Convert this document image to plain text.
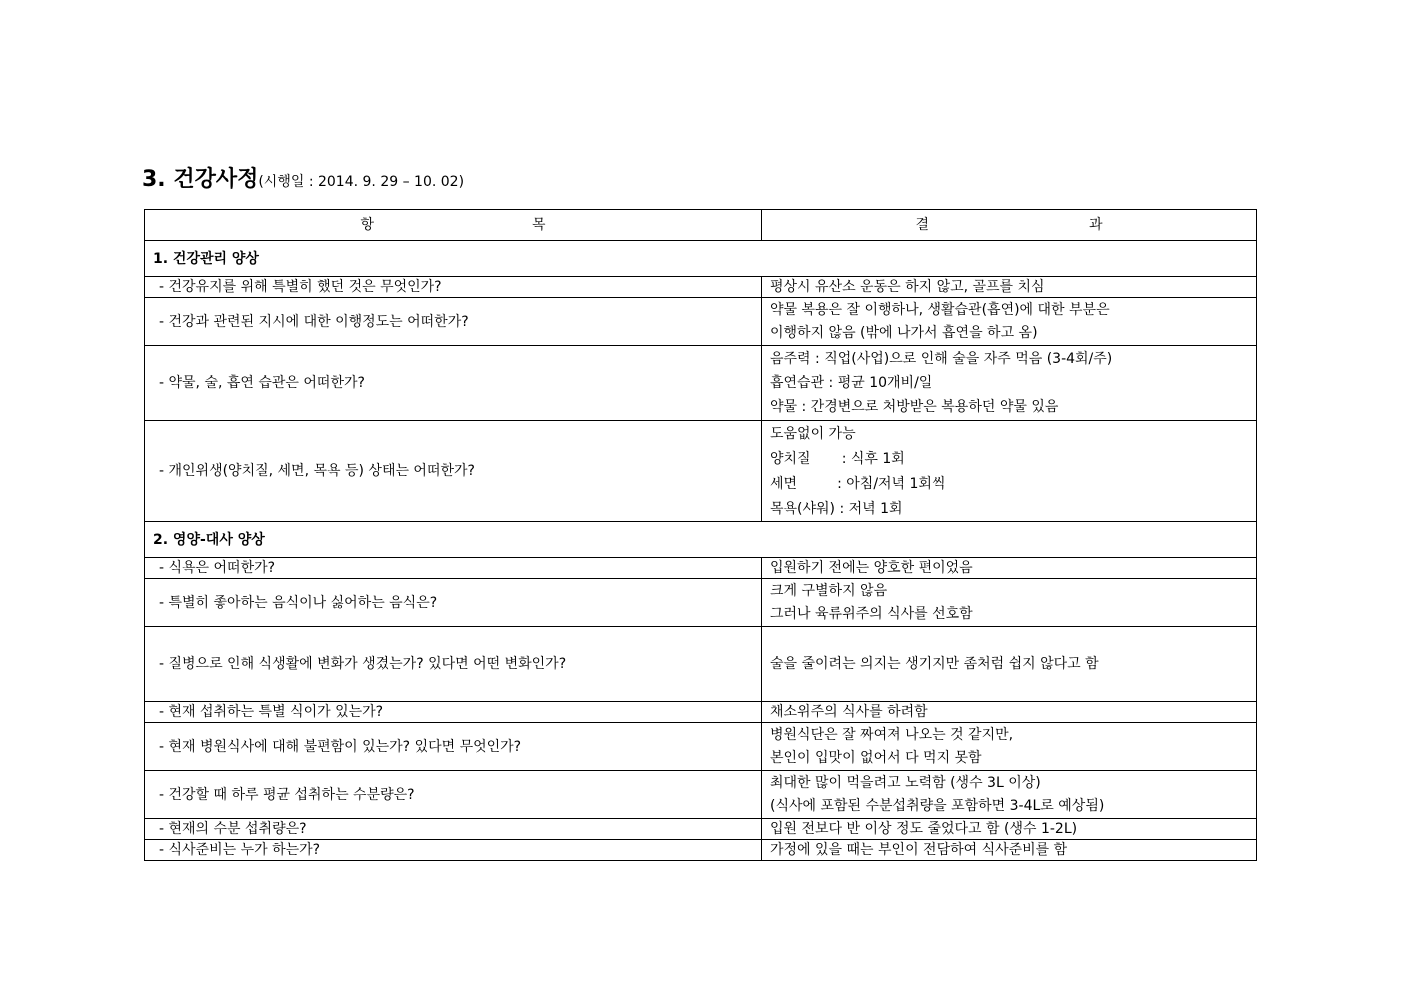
3. 건강사정(시행일 : 2014. 9. 29 – 10. 02)
항 목	결 과
1. 건강관리 양상	
- 건강유지를 위해 특별히 했던 것은 무엇인가?	평상시 유산소 운동은 하지 않고, 골프를 치심

- 건강과 관련된 지시에 대한 이행정도는 어떠한가?	약물 복용은 잘 이행하나, 생활습관(흡연)에 대한 부분은
이행하지 않음 (밖에 나가서 흡연을 하고 옴)

- 약물, 술, 흡연 습관은 어떠한가?	음주력 : 직업(사업)으로 인해 술을 자주 먹음 (3-4회/주)
흡연습관 : 평균 10개비/일
약물 : 간경변으로 처방받은 복용하던 약물 있음

- 개인위생(양치질, 세면, 목욕 등) 상태는 어떠한가?	도움없이 가능
양치질       : 식후 1회
세면         : 아침/저녁 1회씩
목욕(샤워) : 저녁 1회

2. 영양-대사 양상	
- 식욕은 어떠한가?	입원하기 전에는 양호한 편이었음

- 특별히 좋아하는 음식이나 싫어하는 음식은?	크게 구별하지 않음
그러나 육류위주의 식사를 선호함

- 질병으로 인해 식생활에 변화가 생겼는가? 있다면 어떤 변화인가?	술을 줄이려는 의지는 생기지만 좀처럼 쉽지 않다고 함

- 현재 섭취하는 특별 식이가 있는가?	채소위주의 식사를 하려함

- 현재 병원식사에 대해 불편함이 있는가? 있다면 무엇인가?	병원식단은 잘 짜여져 나오는 것 같지만,
본인이 입맛이 없어서 다 먹지 못함

- 건강할 때 하루 평균 섭취하는 수분량은?	최대한 많이 먹을려고 노력함 (생수 3L 이상)
(식사에 포함된 수분섭취량을 포함하면 3-4L로 예상됨)

- 현재의 수분 섭취량은?	입원 전보다 반 이상 정도 줄었다고 함 (생수 1-2L)

- 식사준비는 누가 하는가?	가정에 있을 때는 부인이 전담하여 식사준비를 함
